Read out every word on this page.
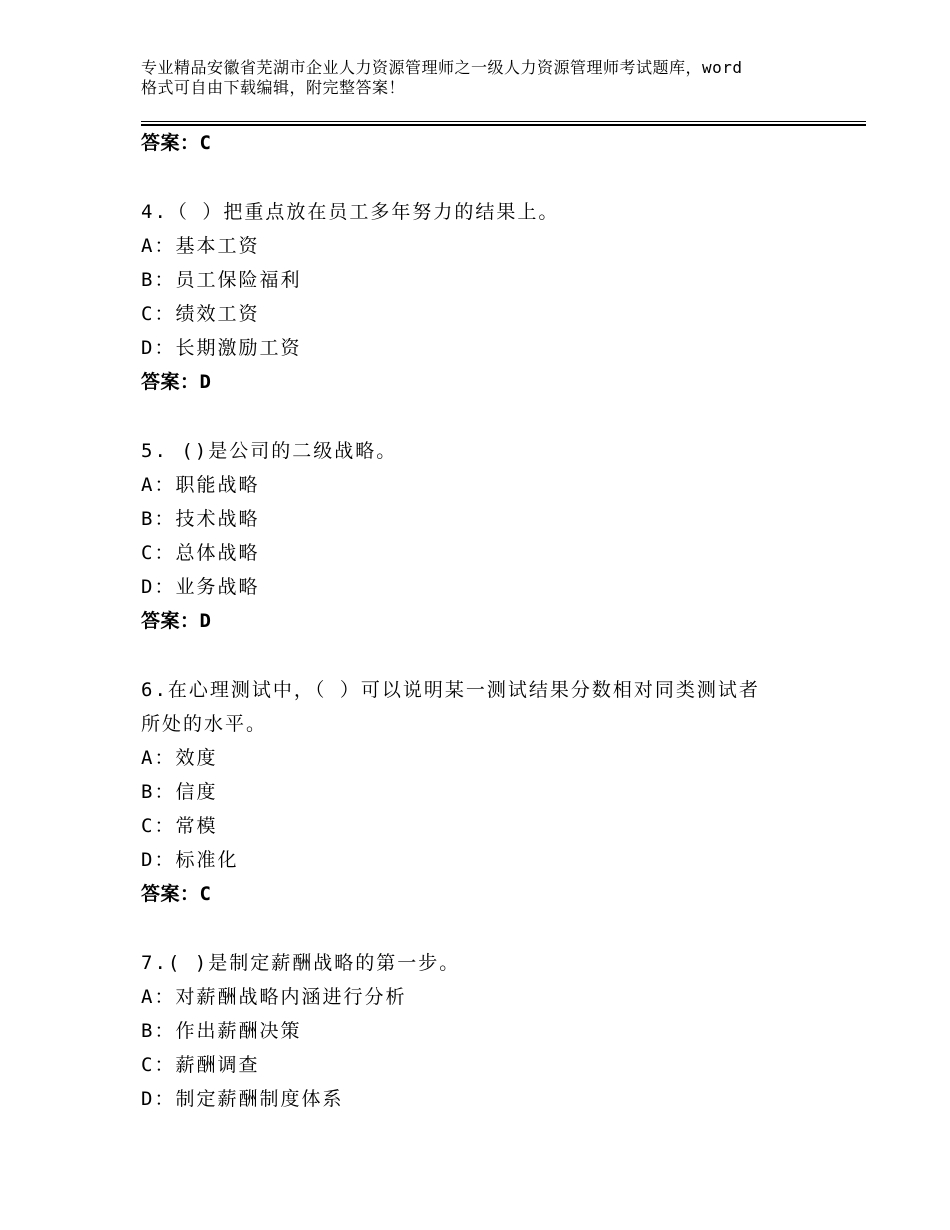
专业精品安徽省芜湖市企业人力资源管理师之一级人力资源管理师考试题库，word
格式可自由下载编辑，附完整答案！
答案：C
4.（ ）把重点放在员工多年努力的结果上。
A：基本工资
B：员工保险福利
C：绩效工资
D：长期激励工资
答案：D
5. ()是公司的二级战略。
A：职能战略
B：技术战略
C：总体战略
D：业务战略
答案：D
6.在心理测试中，（ ）可以说明某一测试结果分数相对同类测试者
所处的水平。
A：效度
B：信度
C：常模
D：标准化
答案：C
7.( )是制定薪酬战略的第一步。
A：对薪酬战略内涵进行分析
B：作出薪酬决策
C：薪酬调查
D：制定薪酬制度体系
